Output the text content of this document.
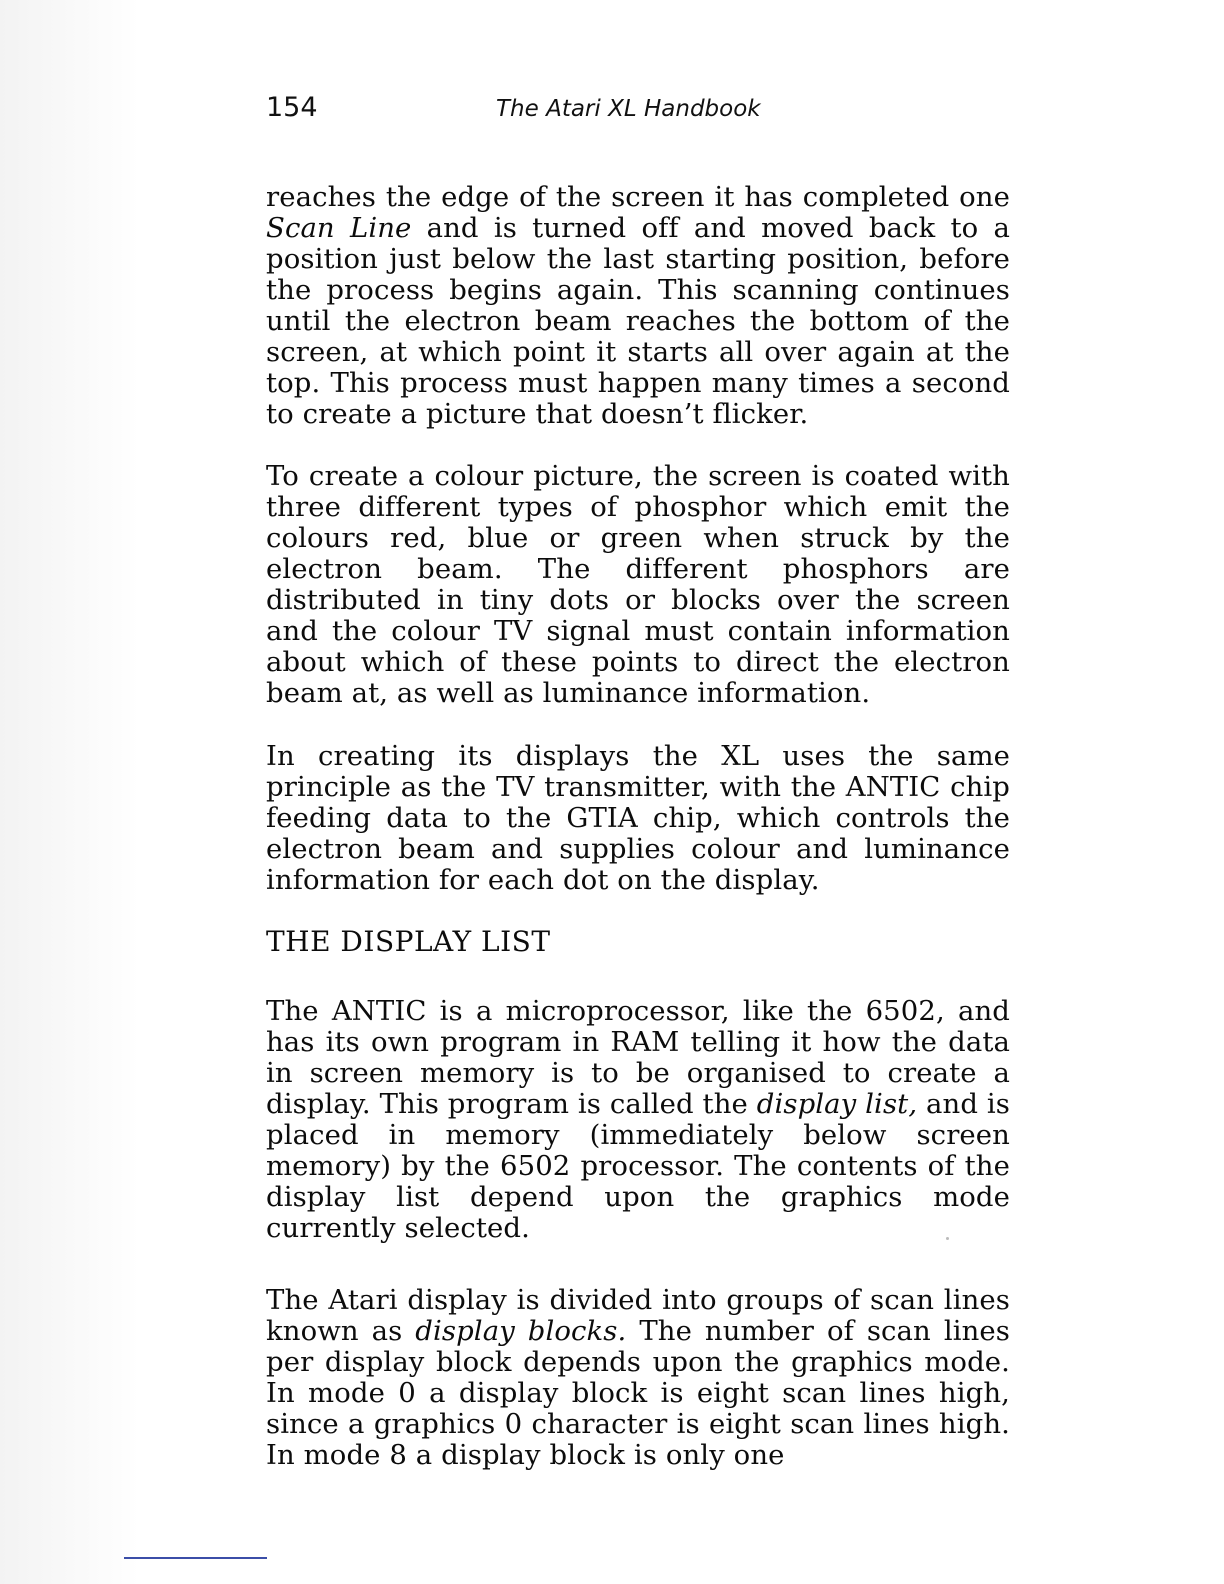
154	The Atari XL Handbook

reaches the edge of the screen it has completed one Scan Line and is turned off and moved back to a position just below the last starting position, before the process begins again. This scanning continues until the electron beam reaches the bottom of the screen, at which point it starts all over again at the top. This process must happen many times a second to create a picture that doesn’t flicker.

To create a colour picture, the screen is coated with three different types of phosphor which emit the colours red, blue or green when struck by the electron beam. The different phosphors are distributed in tiny dots or blocks over the screen and the colour TV signal must contain information about which of these points to direct the electron beam at, as well as luminance information.

In creating its displays the XL uses the same principle as the TV transmitter, with the ANTIC chip feeding data to the GTIA chip, which controls the electron beam and supplies colour and luminance information for each dot on the display.

THE DISPLAY LIST

The ANTIC is a microprocessor, like the 6502, and has its own program in RAM telling it how the data in screen memory is to be organised to create a display. This program is called the display list, and is placed in memory (immediately below screen memory) by the 6502 processor. The contents of the display list depend upon the graphics mode currently selected.

The Atari display is divided into groups of scan lines known as display blocks. The number of scan lines per display block depends upon the graphics mode. In mode 0 a display block is eight scan lines high, since a graphics 0 character is eight scan lines high. In mode 8 a display block is only one
